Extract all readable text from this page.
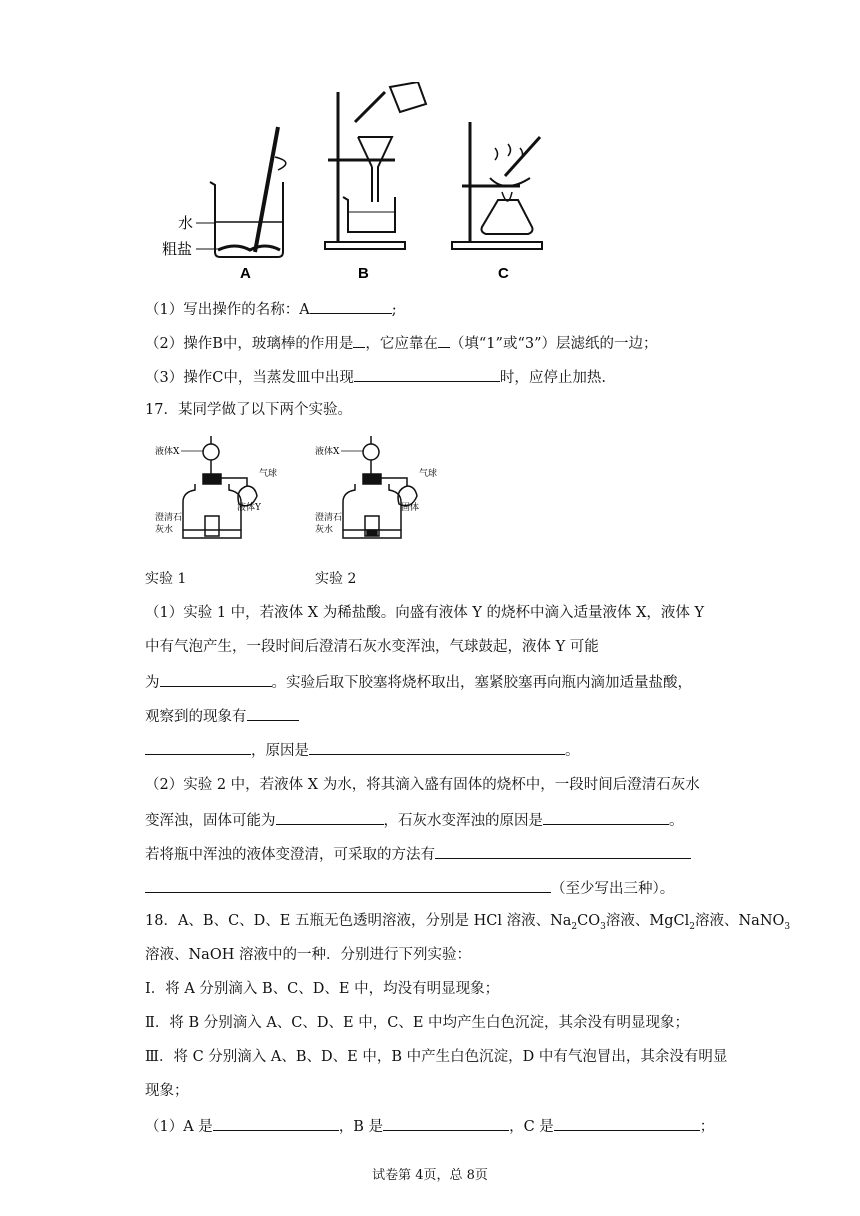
水
粗盐
A	B	C
（1）写出操作的名称：A	;
（2）操作B中，玻璃棒的作用是 ，它应靠在 （填“1”或“3”）层滤纸的一边；
（3）操作C中，当蒸发皿中出现	时，应停止加热.
17．某同学做了以下两个实验。
液体X
气球
澄清石
灰水
液体Y
液体X
气球
澄清石
灰水
固体
实验 1	实验 2
（1）实验 1 中，若液体 X 为稀盐酸。向盛有液体 Y 的烧杯中滴入适量液体 X，液体 Y
中有气泡产生，一段时间后澄清石灰水变浑浊，气球鼓起，液体 Y 可能
为	。实验后取下胶塞将烧杯取出，塞紧胶塞再向瓶内滴加适量盐酸，
观察到的现象有
，原因是	。
（2）实验 2 中，若液体 X 为水，将其滴入盛有固体的烧杯中，一段时间后澄清石灰水
变浑浊，固体可能为	，石灰水变浑浊的原因是	。
若将瓶中浑浊的液体变澄清，可采取的方法有
（至少写出三种）。
18．A、B、C、D、E 五瓶无色透明溶液，分别是 HCl 溶液、$Na_2CO_3$溶液、MgCl$_2$溶液、NaNO$_3$
溶液、NaOH 溶液中的一种．分别进行下列实验：
Ⅰ．将 A 分别滴入 B、C、D、E 中，均没有明显现象；
Ⅱ．将 B 分别滴入 A、C、D、E 中，C、E 中均产生白色沉淀，其余没有明显现象；
Ⅲ．将 C 分别滴入 A、B、D、E 中，B 中产生白色沉淀，D 中有气泡冒出，其余没有明显
现象；
（1）A 是	，B 是	，C 是	；
试卷第 4页，总 8页
